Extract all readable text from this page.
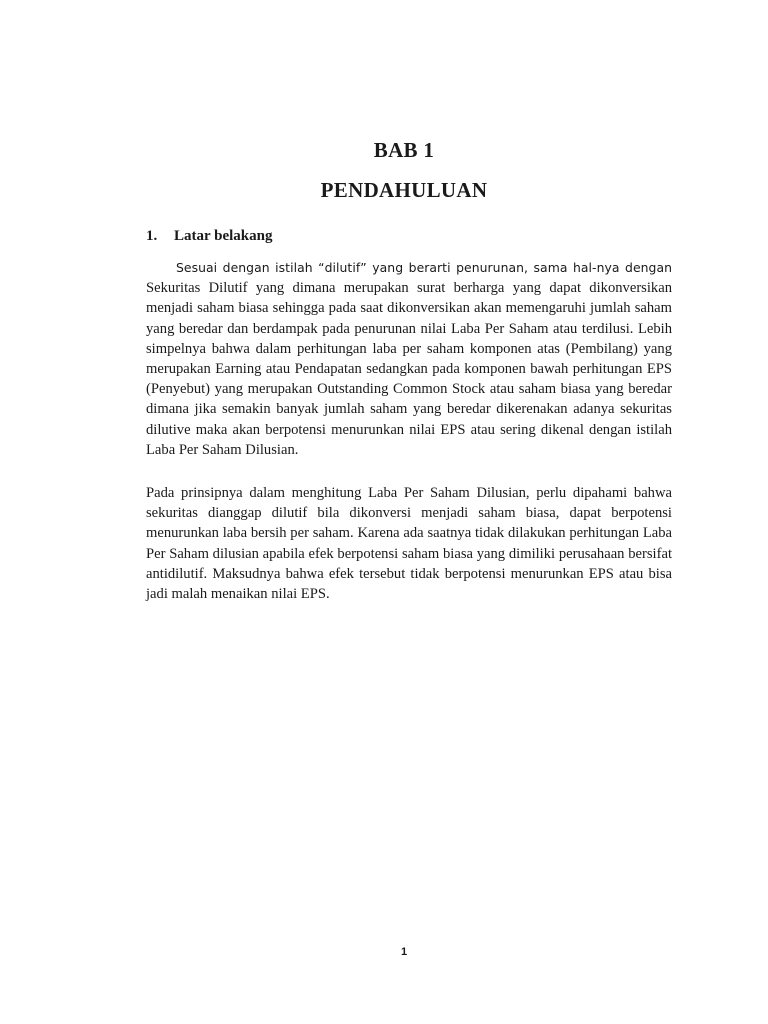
BAB 1
PENDAHULUAN
1. Latar belakang
Sesuai dengan istilah “dilutif” yang berarti penurunan, sama hal-nya dengan Sekuritas Dilutif yang dimana merupakan surat berharga yang dapat dikonversikan menjadi saham biasa sehingga pada saat dikonversikan akan memengaruhi jumlah saham yang beredar dan berdampak pada penurunan nilai Laba Per Saham atau terdilusi. Lebih simpelnya bahwa dalam perhitungan laba per saham komponen atas (Pembilang) yang merupakan Earning atau Pendapatan sedangkan pada komponen bawah perhitungan EPS (Penyebut) yang merupakan Outstanding Common Stock atau saham biasa yang beredar dimana jika semakin banyak jumlah saham yang beredar dikerenakan adanya sekuritas dilutive maka akan berpotensi menurunkan nilai EPS atau sering dikenal dengan istilah Laba Per Saham Dilusian.
Pada prinsipnya dalam menghitung Laba Per Saham Dilusian, perlu dipahami bahwa sekuritas dianggap dilutif bila dikonversi menjadi saham biasa, dapat berpotensi menurunkan laba bersih per saham. Karena ada saatnya tidak dilakukan perhitungan Laba Per Saham dilusian apabila efek berpotensi saham biasa yang dimiliki perusahaan bersifat antidilutif. Maksudnya bahwa efek tersebut tidak berpotensi menurunkan EPS atau bisa jadi malah menaikan nilai EPS.
1
